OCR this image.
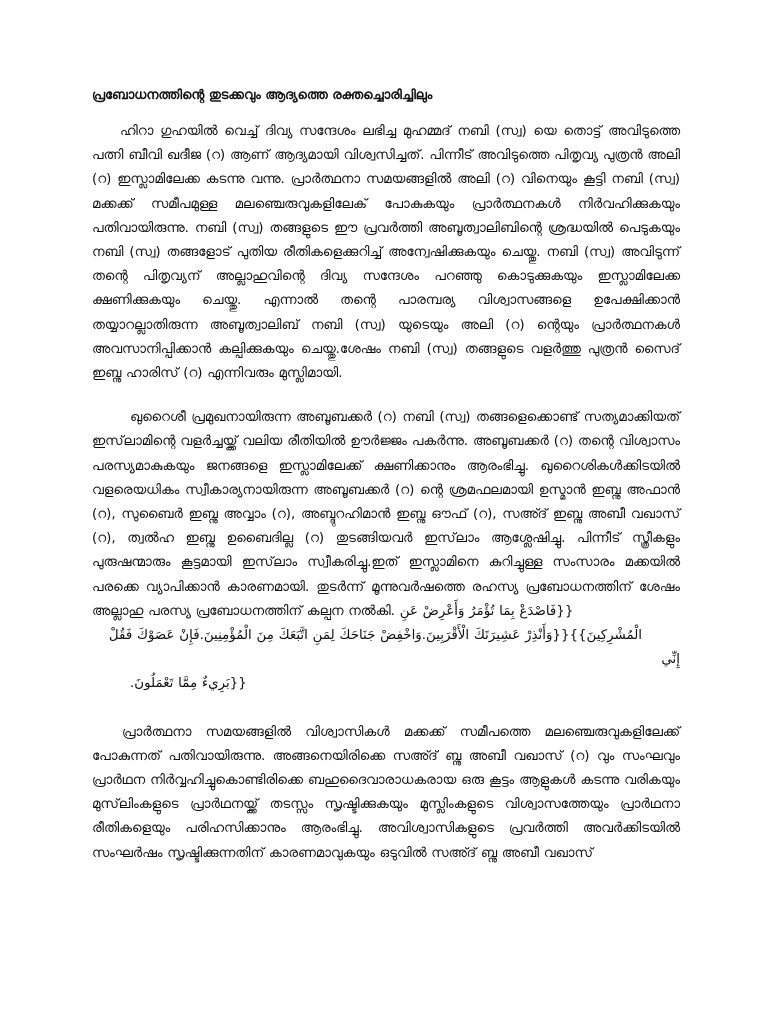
പ്രബോധനത്തിന്റെ തുടക്കവും ആദ്യത്തെ രക്തച്ചൊരിച്ചിലും

ഹിറാ ഗുഹയിൽ വെച്ച് ദിവ്യ സന്ദേശം ലഭിച്ച മുഹമ്മദ് നബി (സ്വ) യെ തൊട്ട് അവിടുത്തെ പത്നി ബീവി ഖദീജ (റ) ആണ് ആദ്യമായി വിശ്വസിച്ചത്. പിന്നീട് അവിടുത്തെ പിതൃവ്യ പുത്രൻ അലി (റ) ഇസ്ലാമിലേക്ക കടന്നു വന്നു. പ്രാർത്ഥനാ സമയങ്ങളിൽ അലി (റ) വിനെയും കൂട്ടി നബി (സ്വ) മക്കക്ക് സമീപമുള്ള മലഞ്ചെരുവുകളിലേക് പോകുകയും പ്രാർത്ഥനകൾ നിർവഹിക്കുകയും പതിവായിരുന്നു. നബി (സ്വ) തങ്ങളുടെ ഈ പ്രവർത്തി അബൂത്വാലിബിന്റെ ശ്രദ്ധയിൽ പെടുകയും നബി (സ്വ) തങ്ങളോട് പുതിയ രീതികളെക്കുറിച്ച് അന്വേഷിക്കുകയും ചെയ്തു. നബി (സ്വ) അവിടുന്ന് തന്റെ പിതൃവ്യന് അല്ലാഹുവിന്റെ ദിവ്യ സന്ദേശം പറഞ്ഞു കൊടുക്കുകയും ഇസ്ലാമിലേക്ക ക്ഷണിക്കുകയും ചെയ്തു. എന്നാൽ തന്റെ പാരമ്പര്യ വിശ്വാസങ്ങളെ ഉപേക്ഷിക്കാൻ തയ്യാറല്ലാതിരുന്ന അബൂത്വാലിബ് നബി (സ്വ) യുടെയും അലി (റ) ന്റെയും പ്രാർത്ഥനകൾ അവസാനിപ്പിക്കാൻ കല്പിക്കുകയും ചെയ്തു.ശേഷം നബി (സ്വ) തങ്ങളുടെ വളർത്തു പുത്രൻ സൈദ് ഇബ്നു ഹാരിസ് (റ) എന്നിവരും മുസ്ലിമായി.

ഖുറൈശീ പ്രമുഖനായിരുന്ന അബൂബക്കർ (റ) നബി (സ്വ) തങ്ങളെക്കൊണ്ട് സത്യമാക്കിയത് ഇസ്‌ലാമിന്റെ വളർച്ചയ്ക്ക് വലിയ രീതിയിൽ ഊർജ്ജം പകർന്നു. അബൂബക്കർ (റ) തന്റെ വിശ്വാസം പരസ്യമാകുകയും ജനങ്ങളെ ഇസ്ലാമിലേക്ക് ക്ഷണിക്കാനും ആരംഭിച്ചു. ഖുറൈശികൾക്കിടയിൽ വളരെയധികം സ്വീകാര്യനായിരുന്ന അബൂബക്കർ (റ) ന്റെ ശ്രമഫലമായി ഉസ്മാൻ ഇബ്നു അഫാൻ (റ), സുബൈർ ഇബ്നു അവ്വാം (റ), അബ്ദുറഹിമാൻ ഇബ്നു ഔഫ് (റ), സഅ്ദ് ഇബ്നു അബീ വഖാസ് (റ), ത്വൽഹ ഇബ്നു ഉബൈദില്ല (റ) തുടങ്ങിയവർ ഇസ്‌ലാം ആശ്ലേഷിച്ചു. പിന്നീട് സ്ത്രീകളും പുരുഷന്മാരും കൂട്ടമായി ഇസ്‌ലാം സ്വീകരിച്ചു.ഇത് ഇസ്ലാമിനെ കുറിച്ചുള്ള സംസാരം മക്കയിൽ പരക്കെ വ്യാപിക്കാൻ കാരണമായി. തുടർന്ന് മൂന്നുവർഷത്തെ രഹസ്യ പ്രബോധനത്തിന് ശേഷം അല്ലാഹു പരസ്യ പ്രബോധനത്തിന് കല്പന നൽകി. {{فَاصْدَعْ بِمَا تُؤْمَرُ وَأَعْرِضْ عَنِ
الْمُشْرِكِينَ}}{{وَأَنْذِرْ عَشِيرَتَكَ الْأَقْرَبِينَ.وَاخْفِضْ جَنَاحَكَ لِمَنِ اتَّبَعَكَ مِنَ الْمُؤْمِنِينَ.فَإِنْ عَصَوْكَ فَقُلْ إِنِّي
.بَرِيءٌ مِمَّا تَعْمَلُونَ}}

പ്രാർത്ഥനാ സമയങ്ങളിൽ വിശ്വാസികൾ മക്കക്ക് സമീപത്തെ മലഞ്ചെരുവുകളിലേക്ക് പോകുന്നത് പതിവായിരുന്നു. അങ്ങനെയിരിക്കെ സഅ്ദ് ബ്നു അബീ വഖാസ് (റ) വും സംഘവും പ്രാർഥന നിർവ്വഹിച്ചുകൊണ്ടിരിക്കെ ബഹുദൈവാരാധകരായ ഒരു കൂട്ടം ആളുകൾ കടന്നു വരികയും മുസ്‌ലിംകളുടെ പ്രാർഥനയ്ക്ക് തടസ്സം സൃഷ്ടിക്കുകയും മുസ്ലിംകളുടെ വിശ്വാസത്തേയും പ്രാർഥനാ രീതികളെയും പരിഹസിക്കാനും ആരംഭിച്ചു. അവിശ്വാസികളുടെ പ്രവർത്തി അവർക്കിടയിൽ സംഘർഷം സൃഷ്ടിക്കുന്നതിന് കാരണമാവുകയും ഒടുവിൽ സഅ്ദ് ബ്നു അബീ വഖാസ്
